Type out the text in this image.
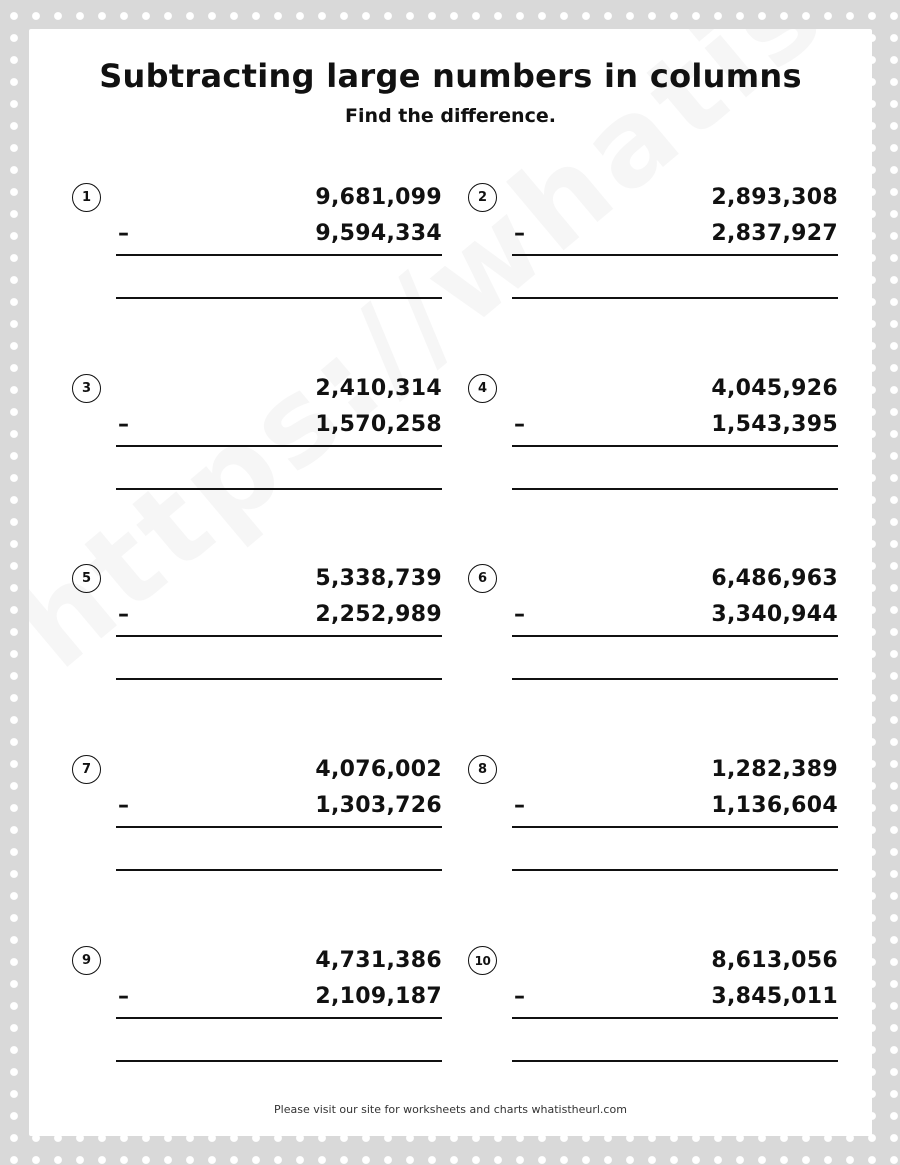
Subtracting large numbers in columns
Find the difference.
1	9,681,099
–	9,594,334
2	2,893,308
–	2,837,927
3	2,410,314
–	1,570,258
4	4,045,926
–	1,543,395
5	5,338,739
–	2,252,989
6	6,486,963
–	3,340,944
7	4,076,002
–	1,303,726
8	1,282,389
–	1,136,604
9	4,731,386
–	2,109,187
10	8,613,056
–	3,845,011
Please visit our site for worksheets and charts whatistheurl.com
